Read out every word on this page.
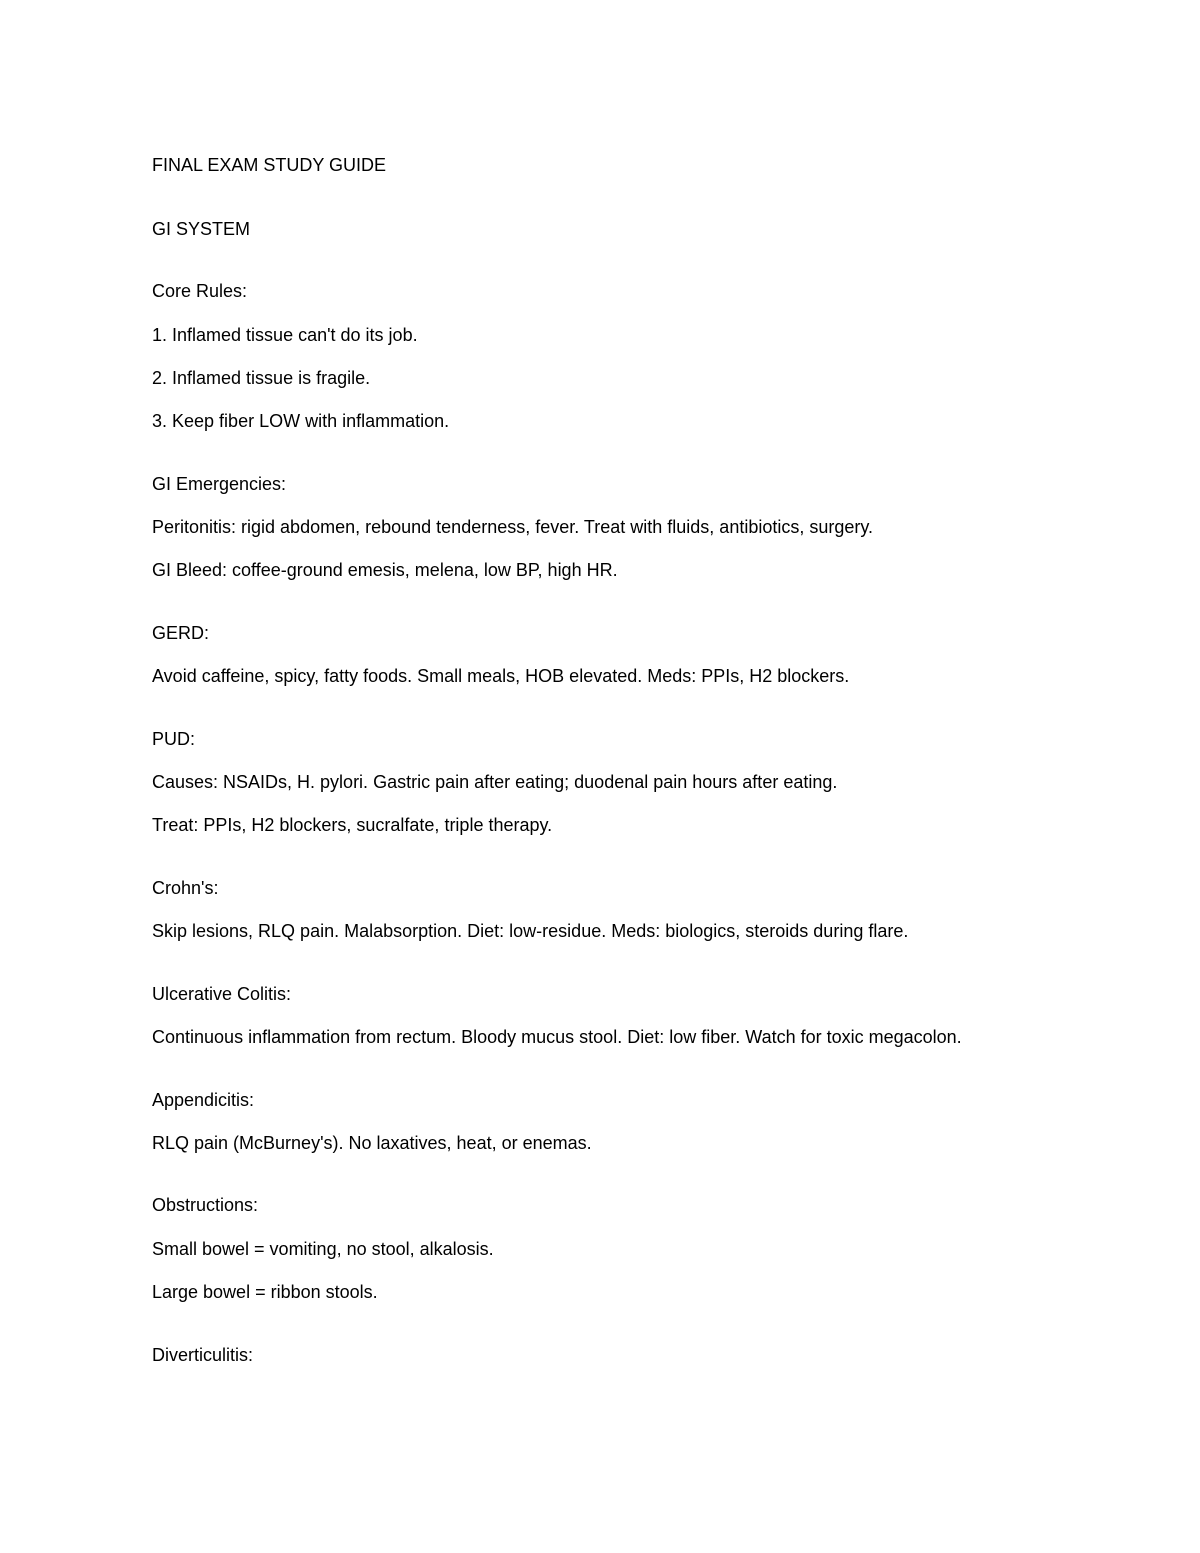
FINAL EXAM STUDY GUIDE

GI SYSTEM

Core Rules:

1. Inflamed tissue can't do its job.

2. Inflamed tissue is fragile.

3. Keep fiber LOW with inflammation.

GI Emergencies:

Peritonitis: rigid abdomen, rebound tenderness, fever. Treat with fluids, antibiotics, surgery.

GI Bleed: coffee-ground emesis, melena, low BP, high HR.

GERD:

Avoid caffeine, spicy, fatty foods. Small meals, HOB elevated. Meds: PPIs, H2 blockers.

PUD:

Causes: NSAIDs, H. pylori. Gastric pain after eating; duodenal pain hours after eating.

Treat: PPIs, H2 blockers, sucralfate, triple therapy.

Crohn's:

Skip lesions, RLQ pain. Malabsorption. Diet: low-residue. Meds: biologics, steroids during flare.

Ulcerative Colitis:

Continuous inflammation from rectum. Bloody mucus stool. Diet: low fiber. Watch for toxic megacolon.

Appendicitis:

RLQ pain (McBurney's). No laxatives, heat, or enemas.

Obstructions:

Small bowel = vomiting, no stool, alkalosis.

Large bowel = ribbon stools.

Diverticulitis:
